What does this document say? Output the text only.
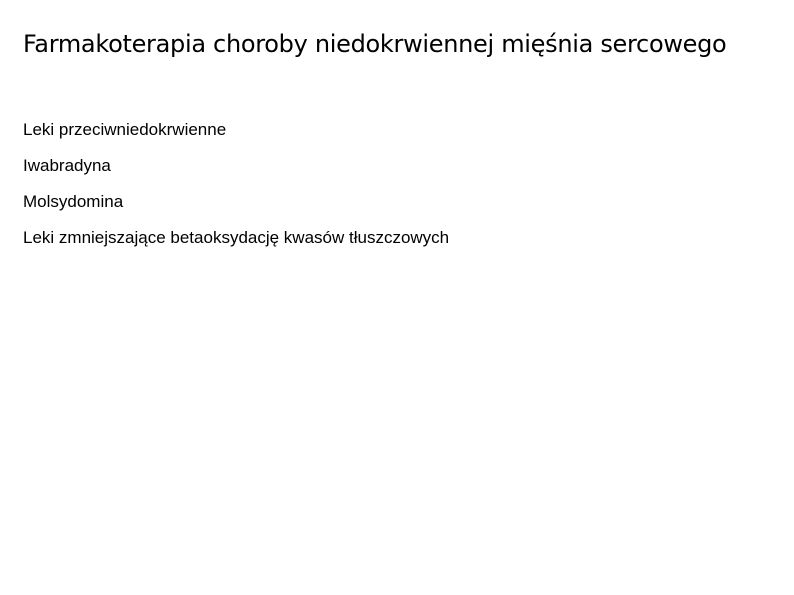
Farmakoterapia choroby niedokrwiennej mięśnia sercowego
Leki przeciwniedokrwienne
Iwabradyna
Molsydomina
Leki zmniejszające betaoksydację kwasów tłuszczowych
